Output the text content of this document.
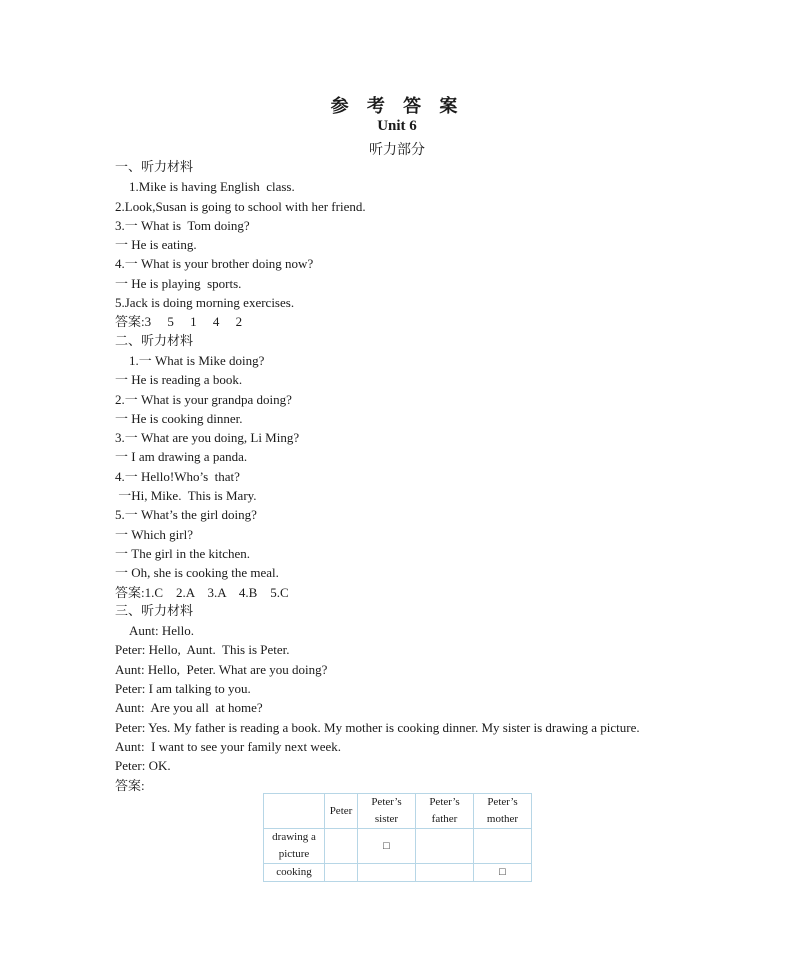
参 考 答 案
Unit 6
听力部分
一、听力材料
1.Mike is having English  class.
2.Look,Susan is going to school with her friend.
3.一 What is  Tom doing?
一 He is eating.
4.一 What is your brother doing now?
一 He is playing  sports.
5.Jack is doing morning exercises.
答案:3     5     1     4     2
二、听力材料
1.一 What is Mike doing?
一 He is reading a book.
2.一 What is your grandpa doing?
一 He is cooking dinner.
3.一 What are you doing, Li Ming?
一 I am drawing a panda.
4.一 Hello!Who’s  that?
一Hi, Mike.  This is Mary.
5.一 What’s the girl doing?
一 Which girl?
一 The girl in the kitchen.
一 Oh, she is cooking the meal.
答案:1.C    2.A    3.A    4.B    5.C
三、听力材料
Aunt: Hello.
Peter: Hello,  Aunt.  This is Peter.
Aunt: Hello,  Peter. What are you doing?
Peter: I am talking to you.
Aunt:  Are you all  at home?
Peter: Yes. My father is reading a book. My mother is cooking dinner. My sister is drawing a picture.
Aunt:  I want to see your family next week.
Peter: OK.
答案:
	Peter	Peter’s sister	Peter’s father	Peter’s mother
drawing a picture		□		
cooking				□
